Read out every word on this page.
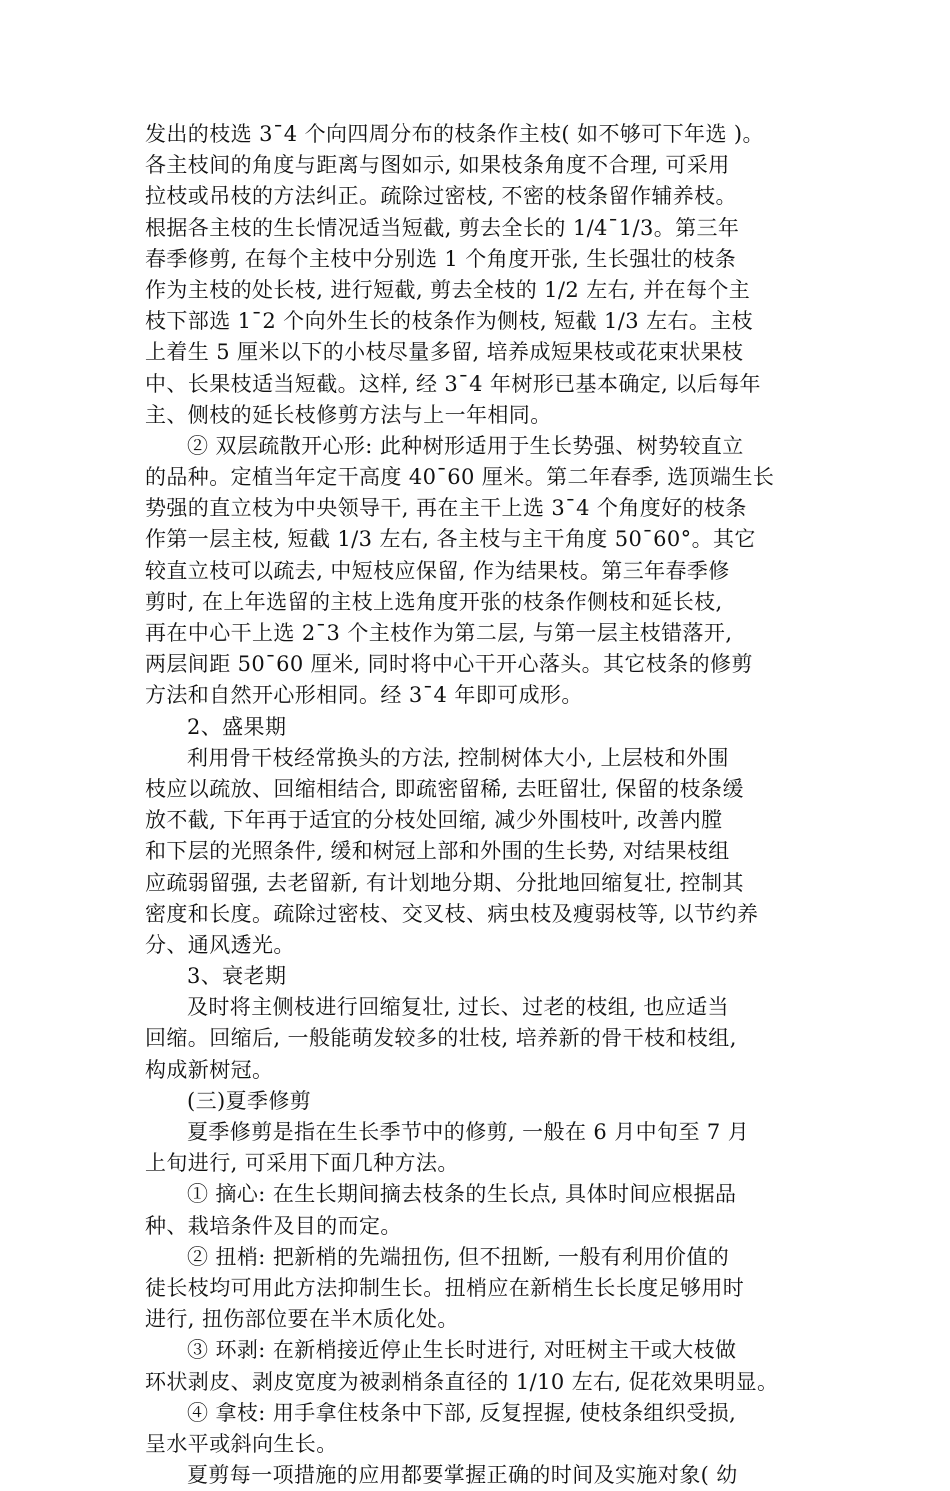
发出的枝选 3¯4 个向四周分布的枝条作主枝( 如不够可下年选 )。
各主枝间的角度与距离与图如示, 如果枝条角度不合理, 可采用
拉枝或吊枝的方法纠正。疏除过密枝, 不密的枝条留作辅养枝。
根据各主枝的生长情况适当短截, 剪去全长的 1/4¯1/3。第三年
春季修剪, 在每个主枝中分别选 1 个角度开张, 生长强壮的枝条
作为主枝的处长枝, 进行短截, 剪去全枝的 1/2 左右, 并在每个主
枝下部选 1¯2 个向外生长的枝条作为侧枝, 短截 1/3 左右。主枝
上着生 5 厘米以下的小枝尽量多留, 培养成短果枝或花束状果枝
中、长果枝适当短截。这样, 经 3¯4 年树形已基本确定, 以后每年
主、侧枝的延长枝修剪方法与上一年相同。
② 双层疏散开心形: 此种树形适用于生长势强、树势较直立
的品种。定植当年定干高度 40¯60 厘米。第二年春季, 选顶端生长
势强的直立枝为中央领导干, 再在主干上选 3¯4 个角度好的枝条
作第一层主枝, 短截 1/3 左右, 各主枝与主干角度 50¯60°。其它
较直立枝可以疏去, 中短枝应保留, 作为结果枝。第三年春季修
剪时, 在上年选留的主枝上选角度开张的枝条作侧枝和延长枝,
再在中心干上选 2¯3 个主枝作为第二层, 与第一层主枝错落开,
两层间距 50¯60 厘米, 同时将中心干开心落头。其它枝条的修剪
方法和自然开心形相同。经 3¯4 年即可成形。
2、盛果期
利用骨干枝经常换头的方法, 控制树体大小, 上层枝和外围
枝应以疏放、回缩相结合, 即疏密留稀, 去旺留壮, 保留的枝条缓
放不截, 下年再于适宜的分枝处回缩, 减少外围枝叶, 改善内膛
和下层的光照条件, 缓和树冠上部和外围的生长势, 对结果枝组
应疏弱留强, 去老留新, 有计划地分期、分批地回缩复壮, 控制其
密度和长度。疏除过密枝、交叉枝、病虫枝及瘦弱枝等, 以节约养
分、通风透光。
3、衰老期
及时将主侧枝进行回缩复壮, 过长、过老的枝组, 也应适当
回缩。回缩后, 一般能萌发较多的壮枝, 培养新的骨干枝和枝组,
构成新树冠。
(三)夏季修剪
夏季修剪是指在生长季节中的修剪, 一般在 6 月中旬至 7 月
上旬进行, 可采用下面几种方法。
① 摘心: 在生长期间摘去枝条的生长点, 具体时间应根据品
种、栽培条件及目的而定。
② 扭梢: 把新梢的先端扭伤, 但不扭断, 一般有利用价值的
徒长枝均可用此方法抑制生长。扭梢应在新梢生长长度足够用时
进行, 扭伤部位要在半木质化处。
③ 环剥: 在新梢接近停止生长时进行, 对旺树主干或大枝做
环状剥皮、剥皮宽度为被剥梢条直径的 1/10 左右, 促花效果明显。
④ 拿枝: 用手拿住枝条中下部, 反复捏握, 使枝条组织受损,
呈水平或斜向生长。
夏剪每一项措施的应用都要掌握正确的时间及实施对象( 幼
